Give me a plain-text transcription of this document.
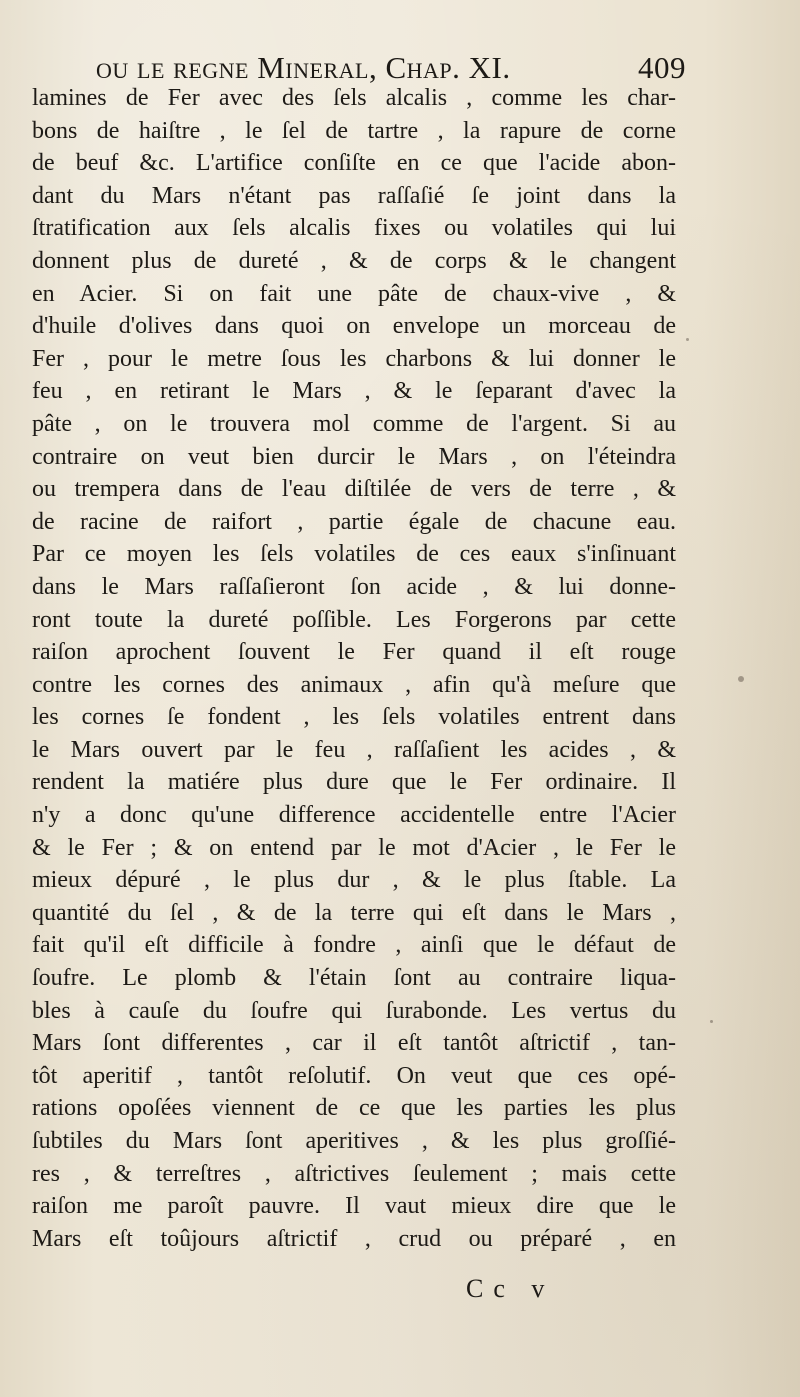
ou le regne Mineral, Chap. XI.	409
lamines de Fer avec des ſels alcalis , comme les char-
bons de haiſtre , le ſel de tartre , la rapure de corne
de beuf &c. L'artifice conſiſte en ce que l'acide abon-
dant du Mars n'étant pas raſſaſié ſe joint dans la
ſtratification aux ſels alcalis fixes ou volatiles qui lui
donnent plus de dureté , & de corps & le changent
en Acier. Si on fait une pâte de chaux-vive , &
d'huile d'olives dans quoi on envelope un morceau de
Fer , pour le metre ſous les charbons & lui donner le
feu , en retirant le Mars , & le ſeparant d'avec la
pâte , on le trouvera mol comme de l'argent. Si au
contraire on veut bien durcir le Mars , on l'éteindra
ou trempera dans de l'eau diſtilée de vers de terre , &
de racine de raifort , partie égale de chacune eau.
Par ce moyen les ſels volatiles de ces eaux s'inſinuant
dans le Mars raſſaſieront ſon acide , & lui donne-
ront toute la dureté poſſible. Les Forgerons par cette
raiſon aprochent ſouvent le Fer quand il eſt rouge
contre les cornes des animaux , afin qu'à meſure que
les cornes ſe fondent , les ſels volatiles entrent dans
le Mars ouvert par le feu , raſſaſient les acides , &
rendent la matiére plus dure que le Fer ordinaire. Il
n'y a donc qu'une difference accidentelle entre l'Acier
& le Fer ; & on entend par le mot d'Acier , le Fer le
mieux dépuré , le plus dur , & le plus ſtable. La
quantité du ſel , & de la terre qui eſt dans le Mars ,
fait qu'il eſt difficile à fondre , ainſi que le défaut de
ſoufre. Le plomb & l'étain ſont au contraire liqua-
bles à cauſe du ſoufre qui ſurabonde. Les vertus du
Mars ſont differentes , car il eſt tantôt aſtrictif , tan-
tôt aperitif , tantôt reſolutif. On veut que ces opé-
rations opoſées viennent de ce que les parties les plus
ſubtiles du Mars ſont aperitives , & les plus groſſié-
res , & terreſtres , aſtrictives ſeulement ; mais cette
raiſon me paroît pauvre. Il vaut mieux dire que le
Mars eſt toûjours aſtrictif , crud ou préparé , en
Cc v
